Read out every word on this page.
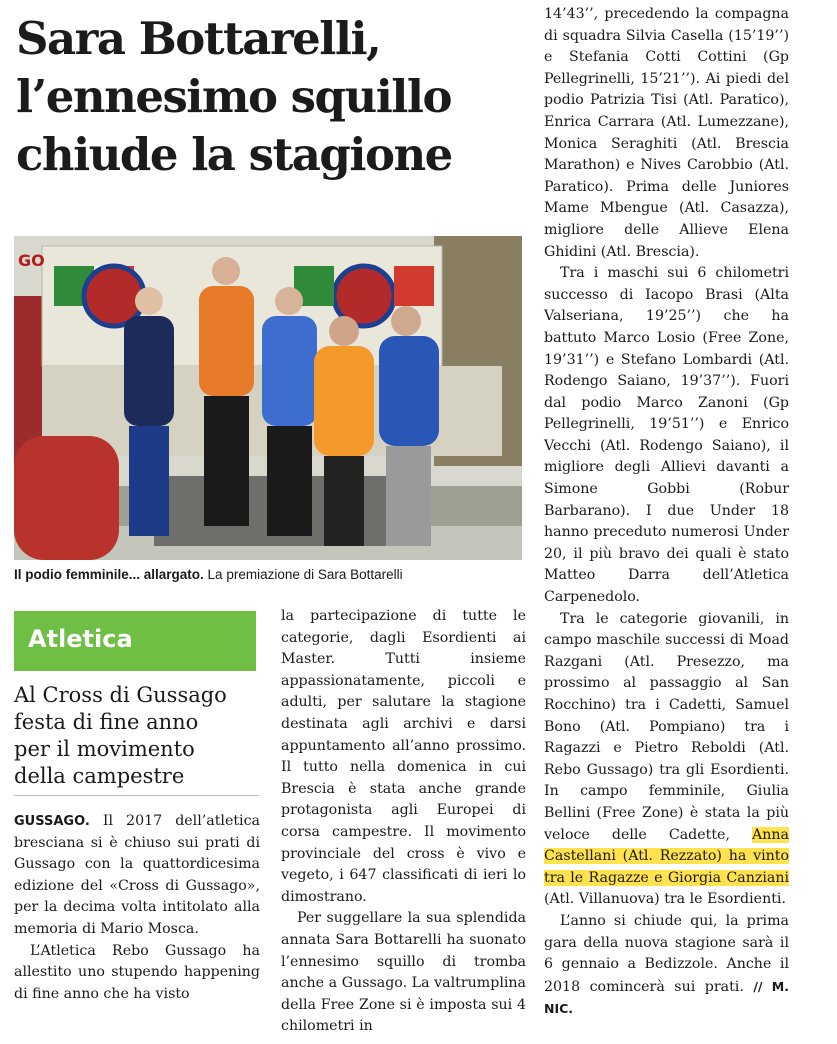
Sara Bottarelli,
l’ennesimo squillo
chiude la stagione
GO
Il podio femminile... allargato. La premiazione di Sara Bottarelli
Atletica
Al Cross di Gussago
festa di fine anno
per il movimento
della campestre

GUSSAGO. Il 2017 dell’atletica bresciana si è chiuso sui prati di Gussago con la quattordicesima edizione del «Cross di Gussago», per la decima volta intitolato alla memoria di Mario Mosca.

L’Atletica Rebo Gussago ha allestito uno stupendo happening di fine anno che ha visto

la partecipazione di tutte le categorie, dagli Esordienti ai Master. Tutti insieme appassionatamente, piccoli e adulti, per salutare la stagione destinata agli archivi e darsi appuntamento all’anno prossimo. Il tutto nella domenica in cui Brescia è stata anche grande protagonista agli Europei di corsa campestre. Il movimento provinciale del cross è vivo e vegeto, i 647 classificati di ieri lo dimostrano.

Per suggellare la sua splendida annata Sara Bottarelli ha suonato l’ennesimo squillo di tromba anche a Gussago. La valtrumplina della Free Zone si è imposta sui 4 chilometri in

14’43’’, precedendo la compagna di squadra Silvia Casella (15’19’’) e Stefania Cotti Cottini (Gp Pellegrinelli, 15’21’’). Ai piedi del podio Patrizia Tisi (Atl. Paratico), Enrica Carrara (Atl. Lumezzane), Monica Seraghiti (Atl. Brescia Marathon) e Nives Carobbio (Atl. Paratico). Prima delle Juniores Mame Mbengue (Atl. Casazza), migliore delle Allieve Elena Ghidini (Atl. Brescia).

Tra i maschi sui 6 chilometri successo di Iacopo Brasi (Alta Valseriana, 19’25’’) che ha battuto Marco Losio (Free Zone, 19’31’’) e Stefano Lombardi (Atl. Rodengo Saiano, 19’37’’). Fuori dal podio Marco Zanoni (Gp Pellegrinelli, 19’51’’) e Enrico Vecchi (Atl. Rodengo Saiano), il migliore degli Allievi davanti a Simone Gobbi (Robur Barbarano). I due Under 18 hanno preceduto numerosi Under 20, il più bravo dei quali è stato Matteo Darra dell’Atletica Carpenedolo.

Tra le categorie giovanili, in campo maschile successi di Moad Razgani (Atl. Presezzo, ma prossimo al passaggio al San Rocchino) tra i Cadetti, Samuel Bono (Atl. Pompiano) tra i Ragazzi e Pietro Reboldi (Atl. Rebo Gussago) tra gli Esordienti. In campo femminile, Giulia Bellini (Free Zone) è stata la più veloce delle Cadette, Anna Castellani (Atl. Rezzato) ha vinto tra le Ragazze e Giorgia Canziani (Atl. Villanuova) tra le Esordienti.

L’anno si chiude qui, la prima gara della nuova stagione sarà il 6 gennaio a Bedizzole. Anche il 2018 comincerà sui prati. // M. NIC.
